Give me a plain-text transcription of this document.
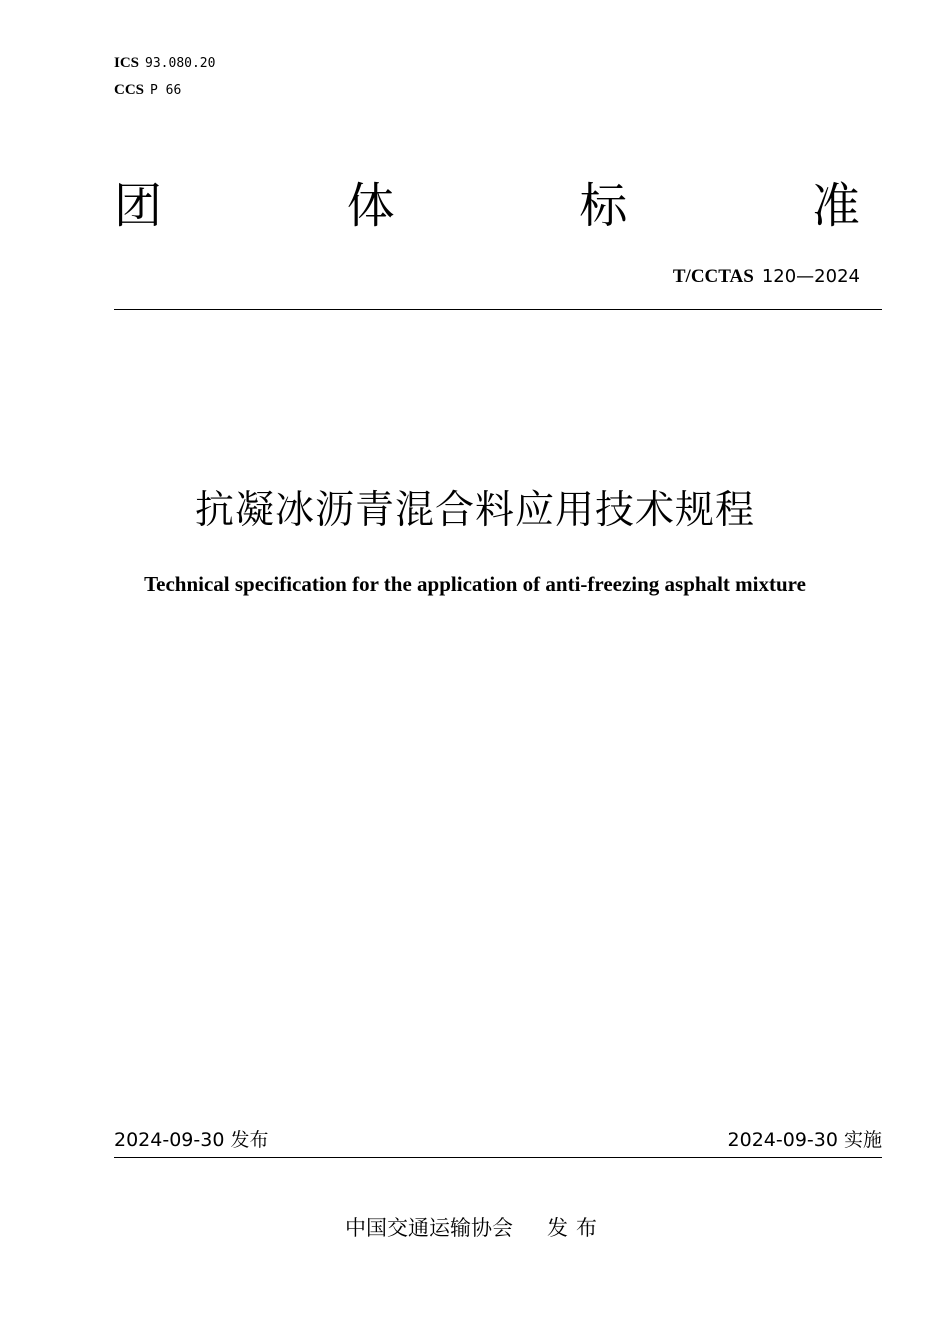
ICS 93.080.20
CCS P 66
团	体	标	准
T/CCTAS 120—2024
抗凝冰沥青混合料应用技术规程
Technical specification for the application of anti-freezing asphalt mixture
2024-09-30 发布	2024-09-30 实施
中国交通运输协会 发布
